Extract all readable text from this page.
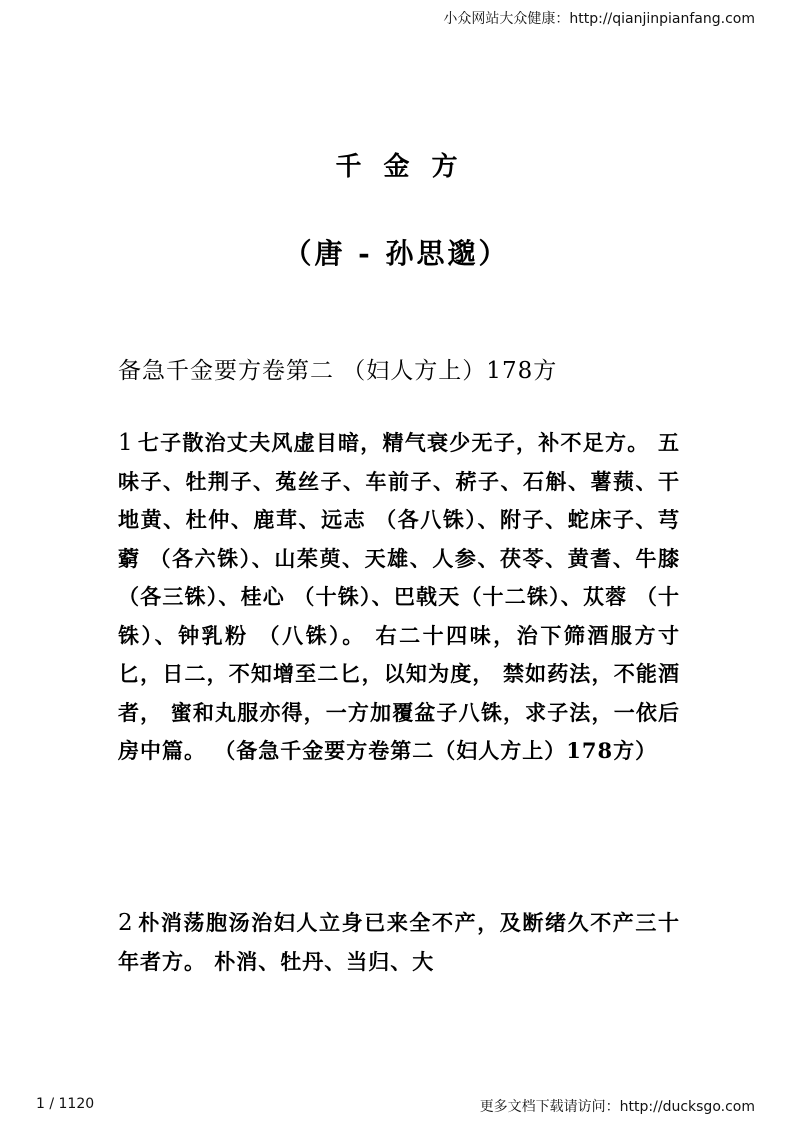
小众网站大众健康：http://qianjinpianfang.com
千金方
（唐 - 孙思邈）
备急千金要方卷第二 （妇人方上）178方
1 七子散治丈夫风虚目暗，精气衰少无子，补不足方。 五味子、牡荆子、菟丝子、车前子、菥子、石斛、薯蓣、干地黄、杜仲、鹿茸、远志 （各八铢）、附子、蛇床子、芎藭 （各六铢）、山茱萸、天雄、人参、茯苓、黄耆、牛膝 （各三铢）、桂心 （十铢）、巴戟天（十二铢）、苁蓉 （十铢）、钟乳粉 （八铢）。 右二十四味，治下筛酒服方寸匕，日二，不知增至二匕，以知为度， 禁如药法，不能酒者， 蜜和丸服亦得，一方加覆盆子八铢，求子法，一依后房中篇。 （备急千金要方卷第二（妇人方上）178方）
2 朴消荡胞汤治妇人立身已来全不产，及断绪久不产三十年者方。 朴消、牡丹、当归、大
1 / 1120	更多文档下载请访问：http://ducksgo.com
